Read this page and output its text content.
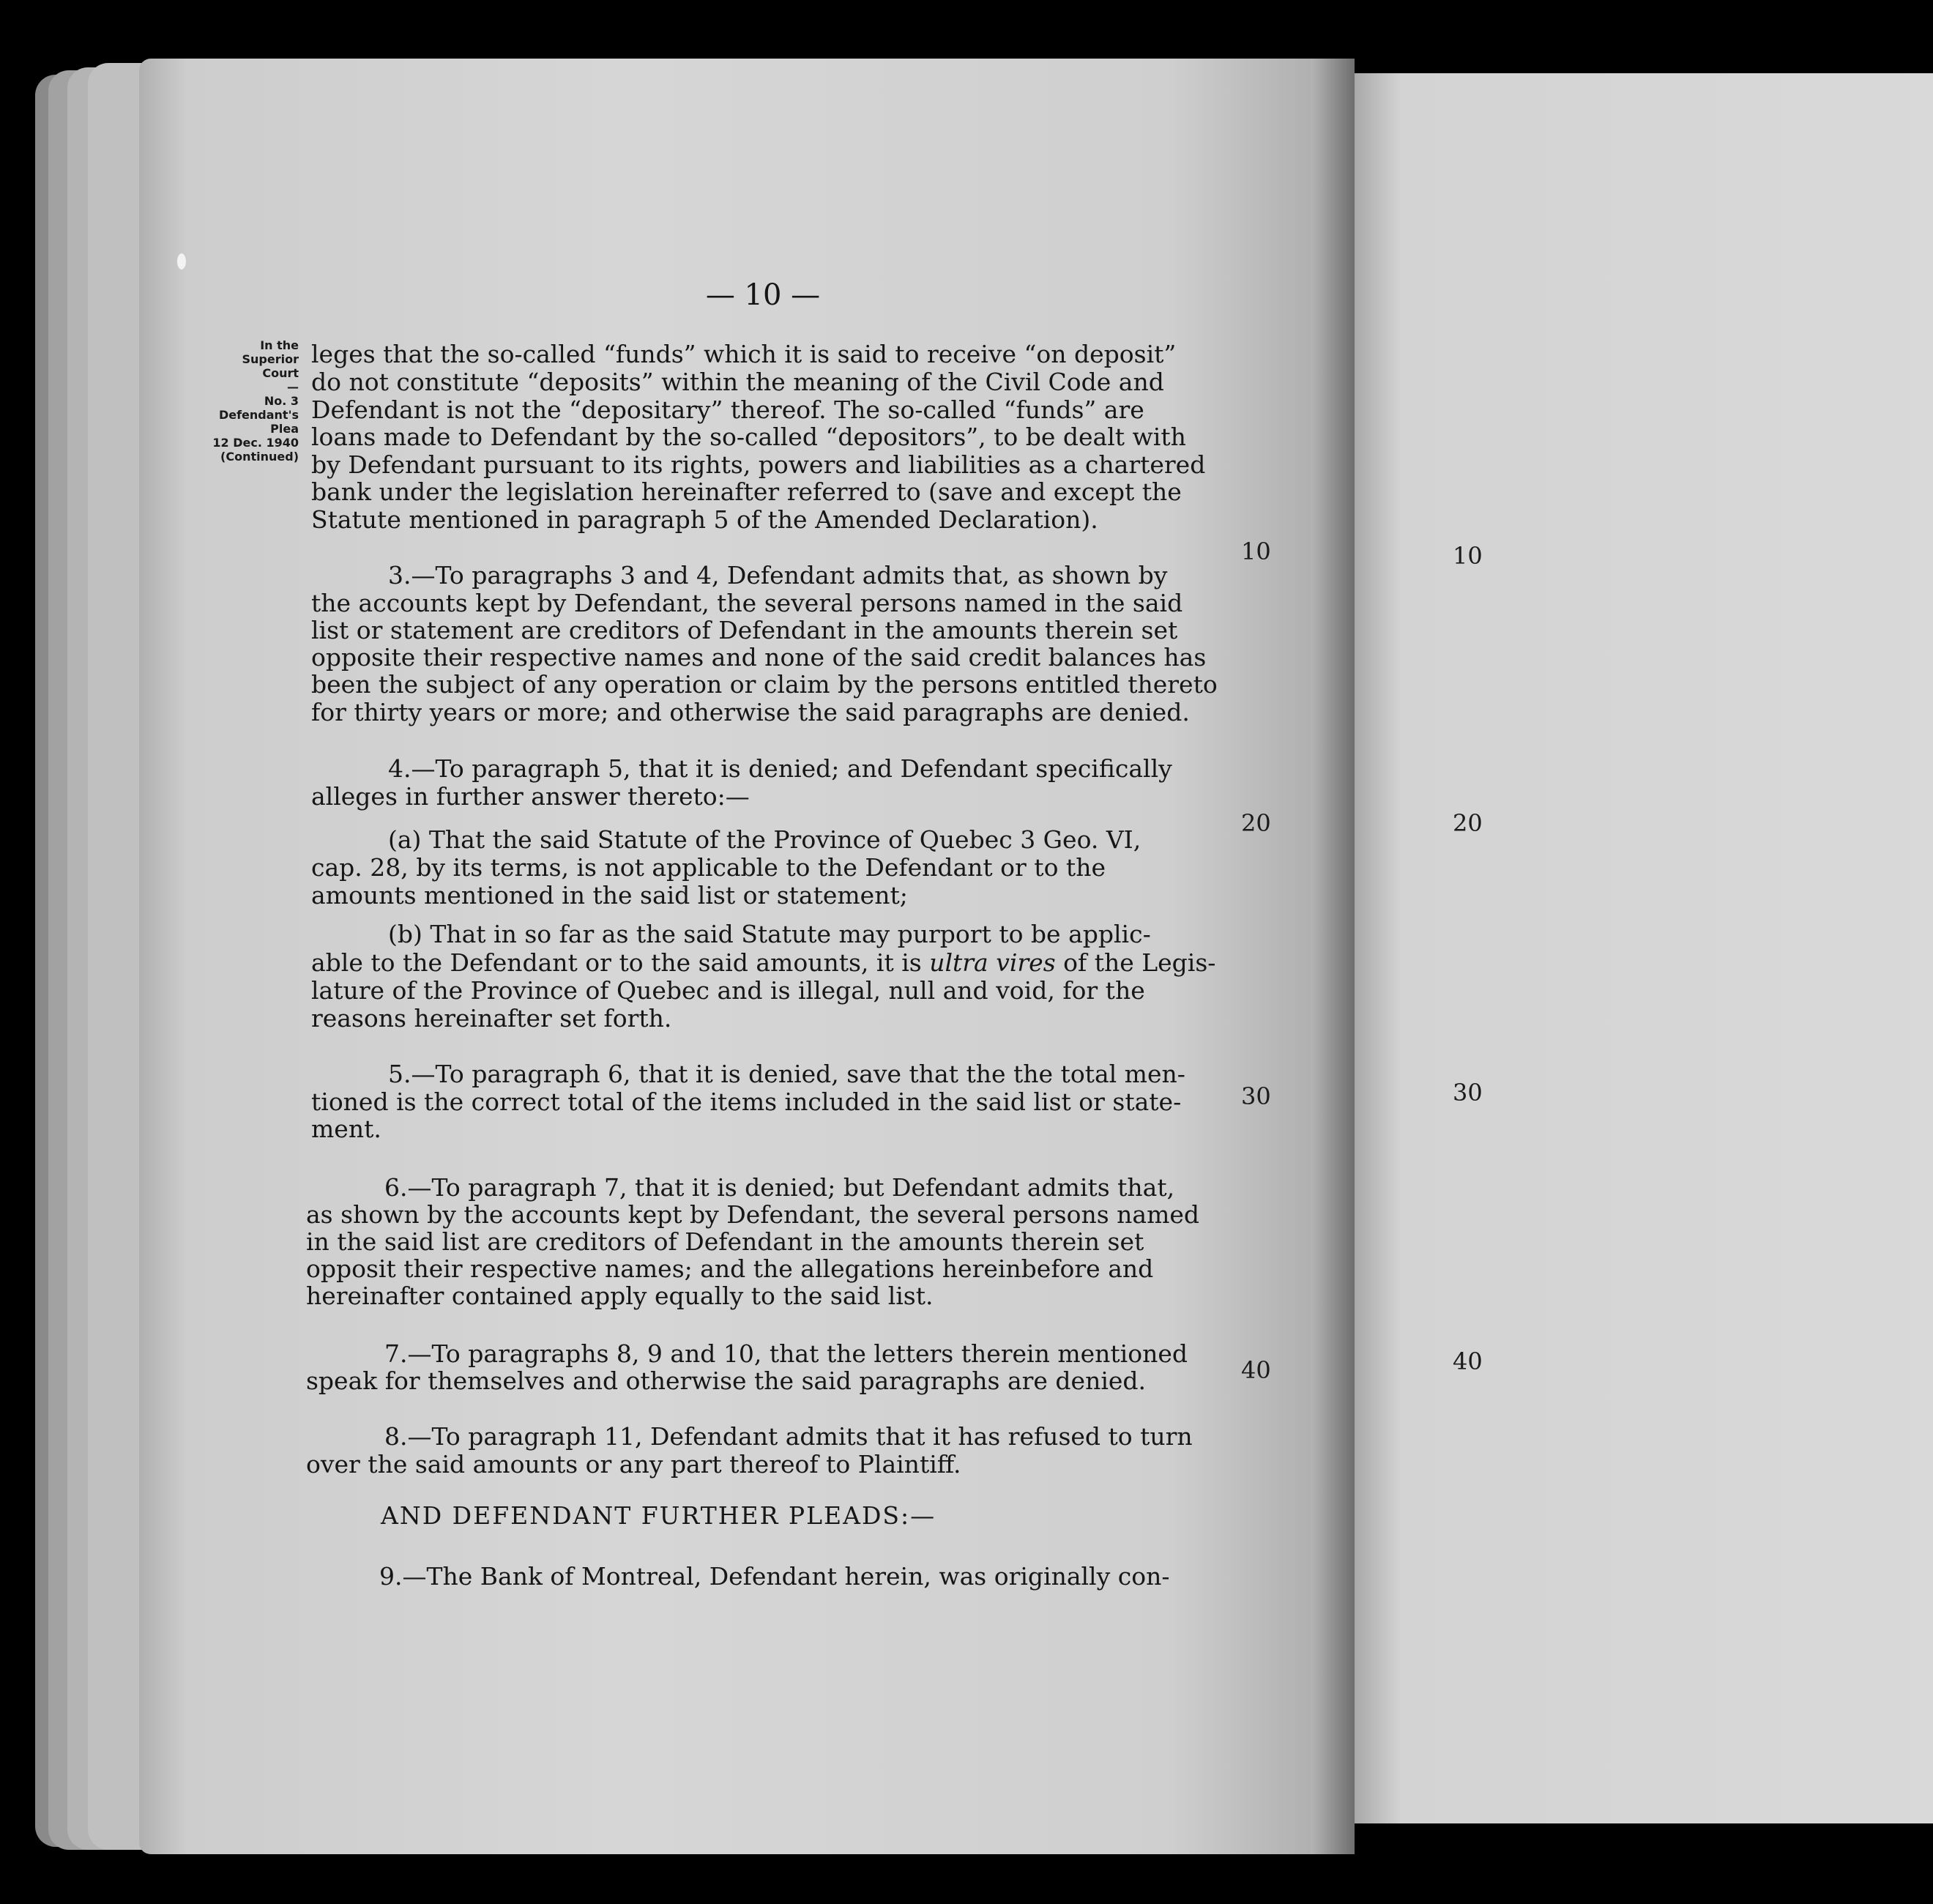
— 10 —
In the
Superior
Court
—
No. 3
Defendant's
Plea
12 Dec. 1940
(Continued)
leges that the so-called “funds” which it is said to receive “on deposit”
do not constitute “deposits” within the meaning of the Civil Code and
Defendant is not the “depositary” thereof. The so-called “funds” are
loans made to Defendant by the so-called “depositors”, to be dealt with
by Defendant pursuant to its rights, powers and liabilities as a chartered
bank under the legislation hereinafter referred to (save and except the
Statute mentioned in paragraph 5 of the Amended Declaration).
3.—To paragraphs 3 and 4, Defendant admits that, as shown by
the accounts kept by Defendant, the several persons named in the said
list or statement are creditors of Defendant in the amounts therein set
opposite their respective names and none of the said credit balances has
been the subject of any operation or claim by the persons entitled thereto
for thirty years or more; and otherwise the said paragraphs are denied.
4.—To paragraph 5, that it is denied; and Defendant specifically
alleges in further answer thereto:—
(a) That the said Statute of the Province of Quebec 3 Geo. VI,
cap. 28, by its terms, is not applicable to the Defendant or to the
amounts mentioned in the said list or statement;
(b) That in so far as the said Statute may purport to be applic-
able to the Defendant or to the said amounts, it is ultra vires of the Legis-
lature of the Province of Quebec and is illegal, null and void, for the
reasons hereinafter set forth.
5.—To paragraph 6, that it is denied, save that the the total men-
tioned is the correct total of the items included in the said list or state-
ment.
6.—To paragraph 7, that it is denied; but Defendant admits that,
as shown by the accounts kept by Defendant, the several persons named
in the said list are creditors of Defendant in the amounts therein set
opposit their respective names; and the allegations hereinbefore and
hereinafter contained apply equally to the said list.
7.—To paragraphs 8, 9 and 10, that the letters therein mentioned
speak for themselves and otherwise the said paragraphs are denied.
8.—To paragraph 11, Defendant admits that it has refused to turn
over the said amounts or any part thereof to Plaintiff.
AND DEFENDANT FURTHER PLEADS:—
9.—The Bank of Montreal, Defendant herein, was originally con-
10
20
30
40
10
20
30
40
